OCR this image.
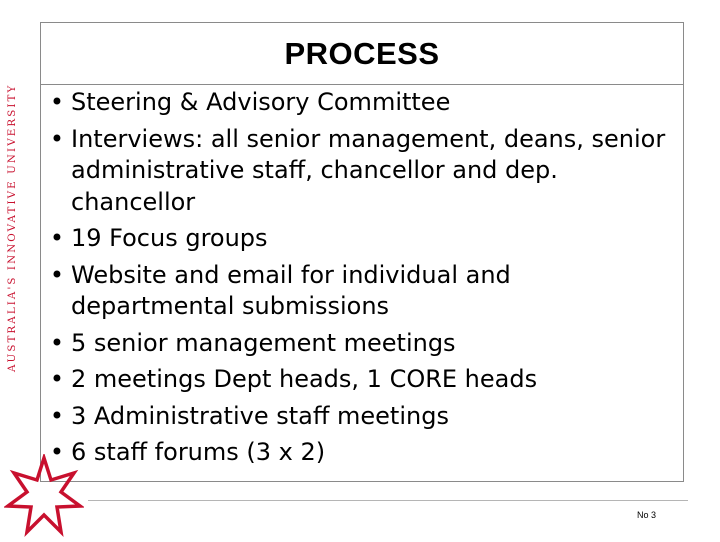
AUSTRALIA'S INNOVATIVE UNIVERSITY
PROCESS
• Steering & Advisory Committee
• Interviews: all senior management, deans, senior administrative staff, chancellor and dep. chancellor
• 19 Focus groups
• Website and email for individual and departmental submissions
• 5 senior management meetings
• 2 meetings Dept heads, 1 CORE heads
• 3 Administrative staff meetings
• 6 staff forums (3 x 2)
No 3
